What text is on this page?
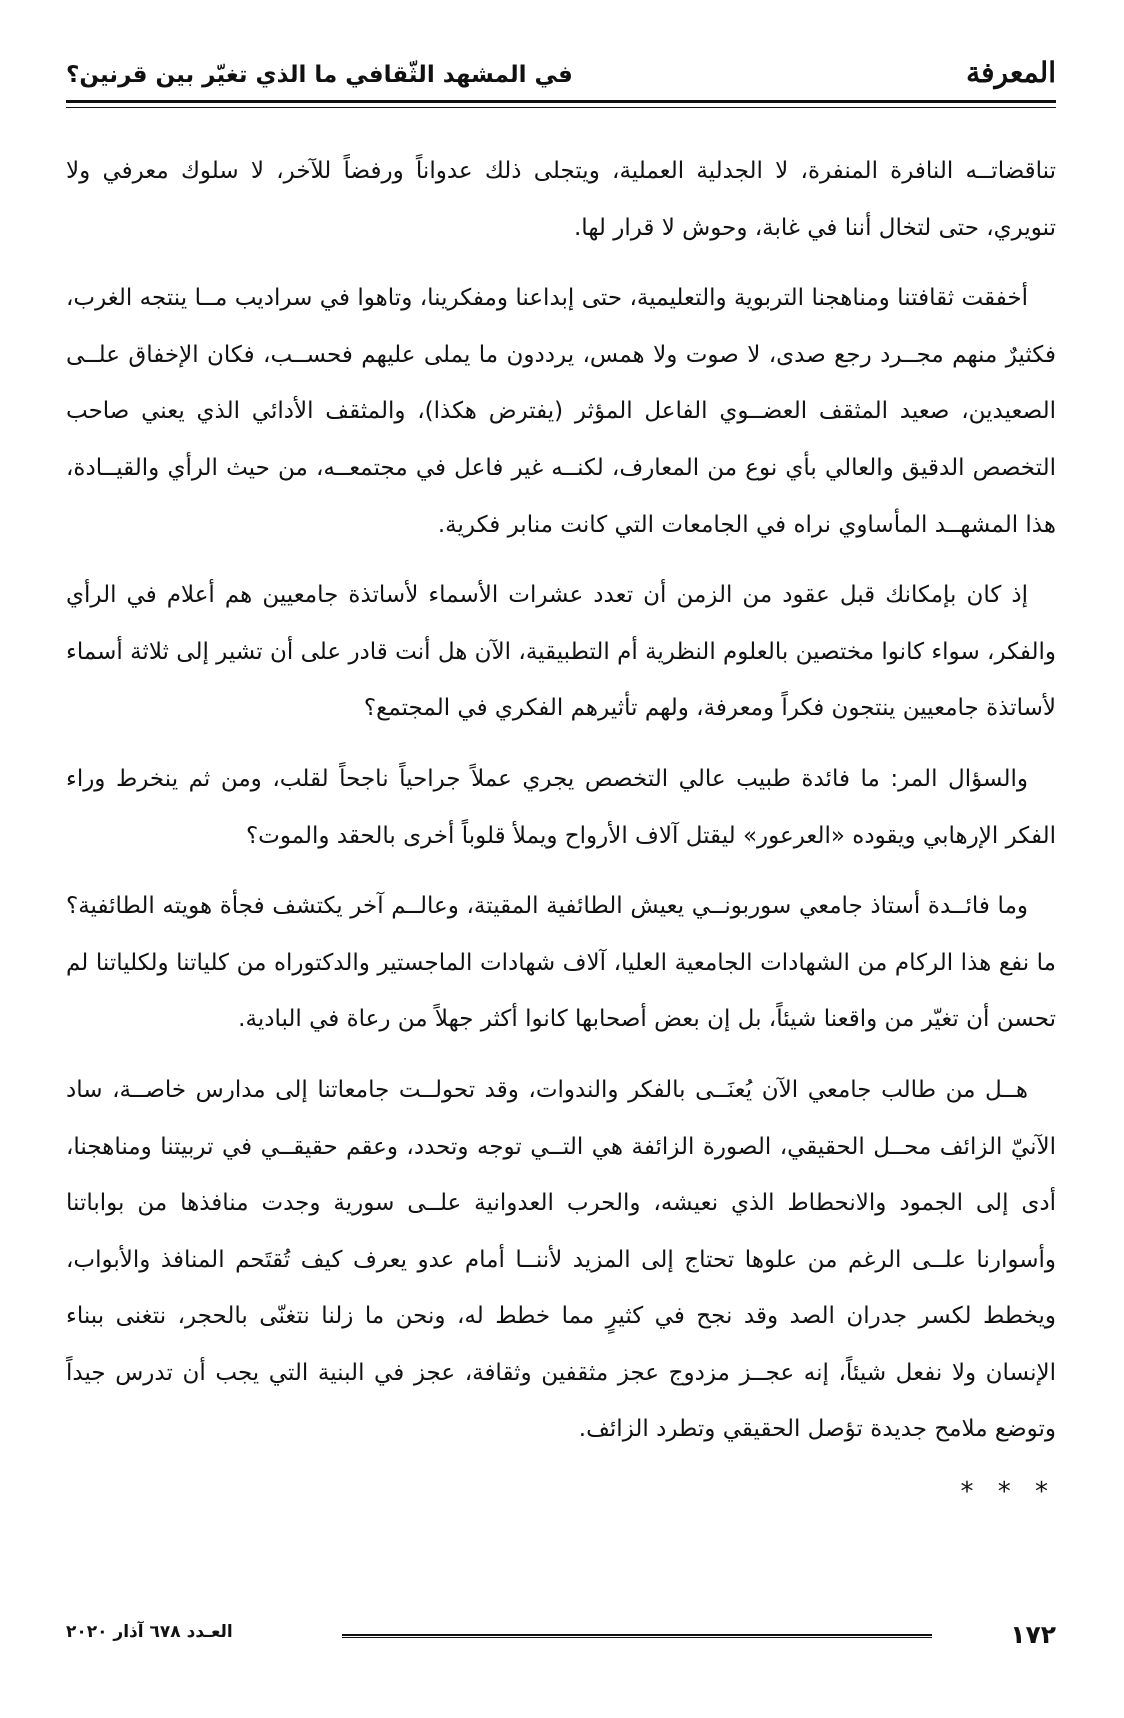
المعرفة
في المشهد الثّقافي ما الذي تغيّر بين قرنين؟

تناقضاتــه النافرة المنفرة، لا الجدلية العملية، ويتجلى ذلك عدواناً ورفضاً للآخر، لا سلوك معرفي ولا تنويري، حتى لتخال أننا في غابة، وحوش لا قرار لها.

أخفقت ثقافتنا ومناهجنا التربوية والتعليمية، حتى إبداعنا ومفكرينا، وتاهوا في سراديب مــا ينتجه الغرب، فكثيرٌ منهم مجــرد رجع صدى، لا صوت ولا همس، يرددون ما يملى عليهم فحســب، فكان الإخفاق علــى الصعيدين، صعيد المثقف العضــوي الفاعل المؤثر (يفترض هكذا)، والمثقف الأدائي الذي يعني صاحب التخصص الدقيق والعالي بأي نوع من المعارف، لكنــه غير فاعل في مجتمعــه، من حيث الرأي والقيــادة، هذا المشهــد المأساوي نراه في الجامعات التي كانت منابر فكرية.

إذ كان بإمكانك قبل عقود من الزمن أن تعدد عشرات الأسماء لأساتذة جامعيين هم أعلام في الرأي والفكر، سواء كانوا مختصين بالعلوم النظرية أم التطبيقية، الآن هل أنت قادر على أن تشير إلى ثلاثة أسماء لأساتذة جامعيين ينتجون فكراً ومعرفة، ولهم تأثيرهم الفكري في المجتمع؟

والسؤال المر: ما فائدة طبيب عالي التخصص يجري عملاً جراحياً ناجحاً لقلب، ومن ثم ينخرط وراء الفكر الإرهابي ويقوده «العرعور» ليقتل آلاف الأرواح ويملأ قلوباً أخرى بالحقد والموت؟

وما فائــدة أستاذ جامعي سوربونــي يعيش الطائفية المقيتة، وعالــم آخر يكتشف فجأة هويته الطائفية؟ ما نفع هذا الركام من الشهادات الجامعية العليا، آلاف شهادات الماجستير والدكتوراه من كلياتنا ولكلياتنا لم تحسن أن تغيّر من واقعنا شيئاً، بل إن بعض أصحابها كانوا أكثر جهلاً من رعاة في البادية.

هــل من طالب جامعي الآن يُعنَــى بالفكر والندوات، وقد تحولــت جامعاتنا إلى مدارس خاصــة، ساد الآنيّ الزائف محــل الحقيقي، الصورة الزائفة هي التــي توجه وتحدد، وعقم حقيقــي في تربيتنا ومناهجنا، أدى إلى الجمود والانحطاط الذي نعيشه، والحرب العدوانية علــى سورية وجدت منافذها من بواباتنا وأسوارنا علــى الرغم من علوها تحتاج إلى المزيد لأننــا أمام عدو يعرف كيف تُقتَحم المنافذ والأبواب، ويخطط لكسر جدران الصد وقد نجح في كثيرٍ مما خطط له، ونحن ما زلنا نتغنّى بالحجر، نتغنى ببناء الإنسان ولا نفعل شيئاً، إنه عجــز مزدوج عجز مثقفين وثقافة، عجز في البنية التي يجب أن تدرس جيداً وتوضع ملامح جديدة تؤصل الحقيقي وتطرد الزائف.

* * *
١٧٢
العـدد ٦٧٨ آذار ٢٠٢٠
